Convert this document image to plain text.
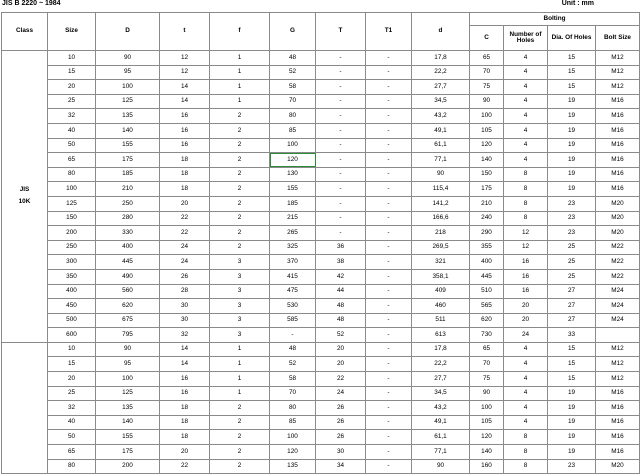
JIS B 2220 ~ 1984	Unit : mm
Class	Size	D	t	f	G	T	T1	d	Bolting			
									C	Number of Holes	Dia. Of Holes	Bolt Size

JIS
10K	10	90	12	1	48	-	-	17,8	65	4	15	M12
	15	95	12	1	52	-	-	22,2	70	4	15	M12
	20	100	14	1	58	-	-	27,7	75	4	15	M12
	25	125	14	1	70	-	-	34,5	90	4	19	M16
	32	135	16	2	80	-	-	43,2	100	4	19	M16
	40	140	16	2	85	-	-	49,1	105	4	19	M16
	50	155	16	2	100	-	-	61,1	120	4	19	M16
	65	175	18	2	120	-	-	77,1	140	4	19	M16
	80	185	18	2	130	-	-	90	150	8	19	M16
	100	210	18	2	155	-	-	115,4	175	8	19	M16
	125	250	20	2	185	-	-	141,2	210	8	23	M20
	150	280	22	2	215	-	-	166,6	240	8	23	M20
	200	330	22	2	265	-	-	218	290	12	23	M20
	250	400	24	2	325	36	-	269,5	355	12	25	M22
	300	445	24	3	370	38	-	321	400	16	25	M22
	350	490	26	3	415	42	-	358,1	445	16	25	M22
	400	560	28	3	475	44	-	409	510	16	27	M24
	450	620	30	3	530	48	-	460	565	20	27	M24
	500	675	30	3	585	48	-	511	620	20	27	M24
	600	795	32	3	-	52	-	613	730	24	33	

	10	90	14	1	48	20	-	17,8	65	4	15	M12
	15	95	14	1	52	20	-	22,2	70	4	15	M12
	20	100	16	1	58	22	-	27,7	75	4	15	M12
	25	125	16	1	70	24	-	34,5	90	4	19	M16
	32	135	18	2	80	26	-	43,2	100	4	19	M16
	40	140	18	2	85	26	-	49,1	105	4	19	M16
	50	155	18	2	100	26	-	61,1	120	8	19	M16
	65	175	20	2	120	30	-	77,1	140	8	19	M16
	80	200	22	2	135	34	-	90	160	8	23	M20
